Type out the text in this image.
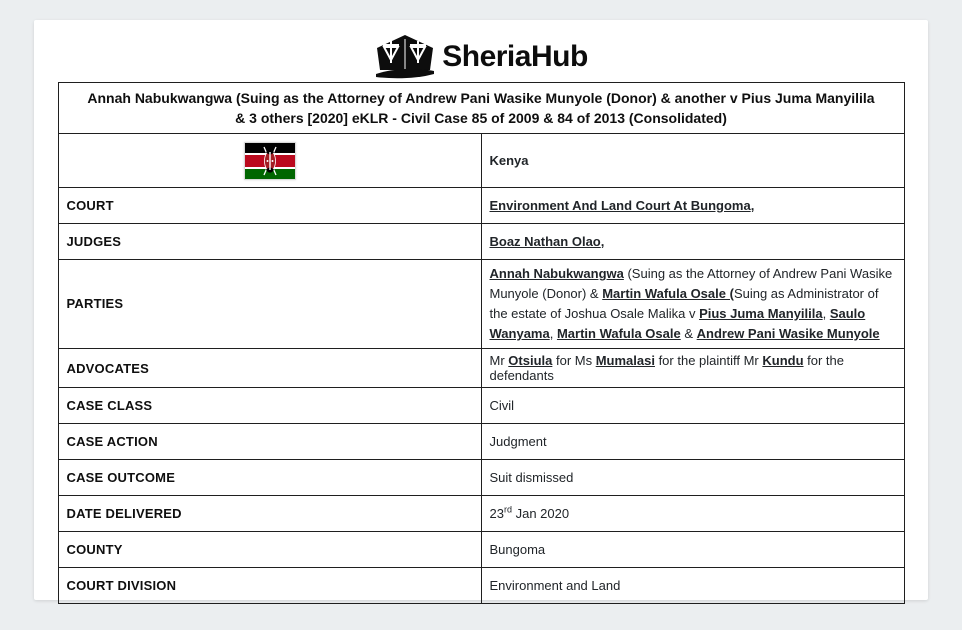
SheriaHub
Annah Nabukwangwa (Suing as the Attorney of Andrew Pani Wasike Munyole (Donor) & another v Pius Juma Manyilila & 3 others [2020] eKLR - Civil Case 85 of 2009 & 84 of 2013 (Consolidated)	

	Kenya
COURT	Environment And Land Court At Bungoma,
JUDGES	Boaz Nathan Olao,
PARTIES	Annah Nabukwangwa (Suing as the Attorney of Andrew Pani Wasike Munyole (Donor) & Martin Wafula Osale (Suing as Administrator of the estate of Joshua Osale Malika v Pius Juma Manyilila, Saulo Wanyama, Martin Wafula Osale & Andrew Pani Wasike Munyole
ADVOCATES	Mr Otsiula for Ms Mumalasi for the plaintiff Mr Kundu for the defendants
CASE CLASS	Civil
CASE ACTION	Judgment
CASE OUTCOME	Suit dismissed
DATE DELIVERED	23rd Jan 2020
COUNTY	Bungoma
COURT DIVISION	Environment and Land
